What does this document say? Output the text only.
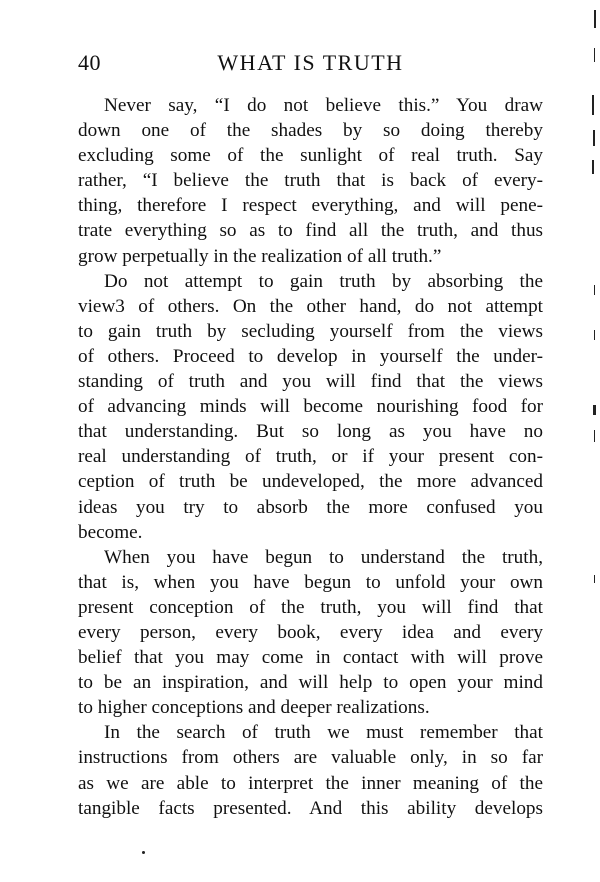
40	WHAT IS TRUTH

Never say, “I do not believe this.” You draw
down one of the shades by so doing thereby
excluding some of the sunlight of real truth. Say
rather, “I believe the truth that is back of every-
thing, therefore I respect everything, and will pene-
trate everything so as to find all the truth, and thus
grow perpetually in the realization of all truth.”

Do not attempt to gain truth by absorbing the
view3 of others. On the other hand, do not attempt
to gain truth by secluding yourself from the views
of others. Proceed to develop in yourself the under-
standing of truth and you will find that the views
of advancing minds will become nourishing food for
that understanding. But so long as you have no
real understanding of truth, or if your present con-
ception of truth be undeveloped, the more advanced
ideas you try to absorb the more confused you
become.

When you have begun to understand the truth,
that is, when you have begun to unfold your own
present conception of the truth, you will find that
every person, every book, every idea and every
belief that you may come in contact with will prove
to be an inspiration, and will help to open your mind
to higher conceptions and deeper realizations.

In the search of truth we must remember that
instructions from others are valuable only, in so far
as we are able to interpret the inner meaning of the
tangible facts presented. And this ability develops
